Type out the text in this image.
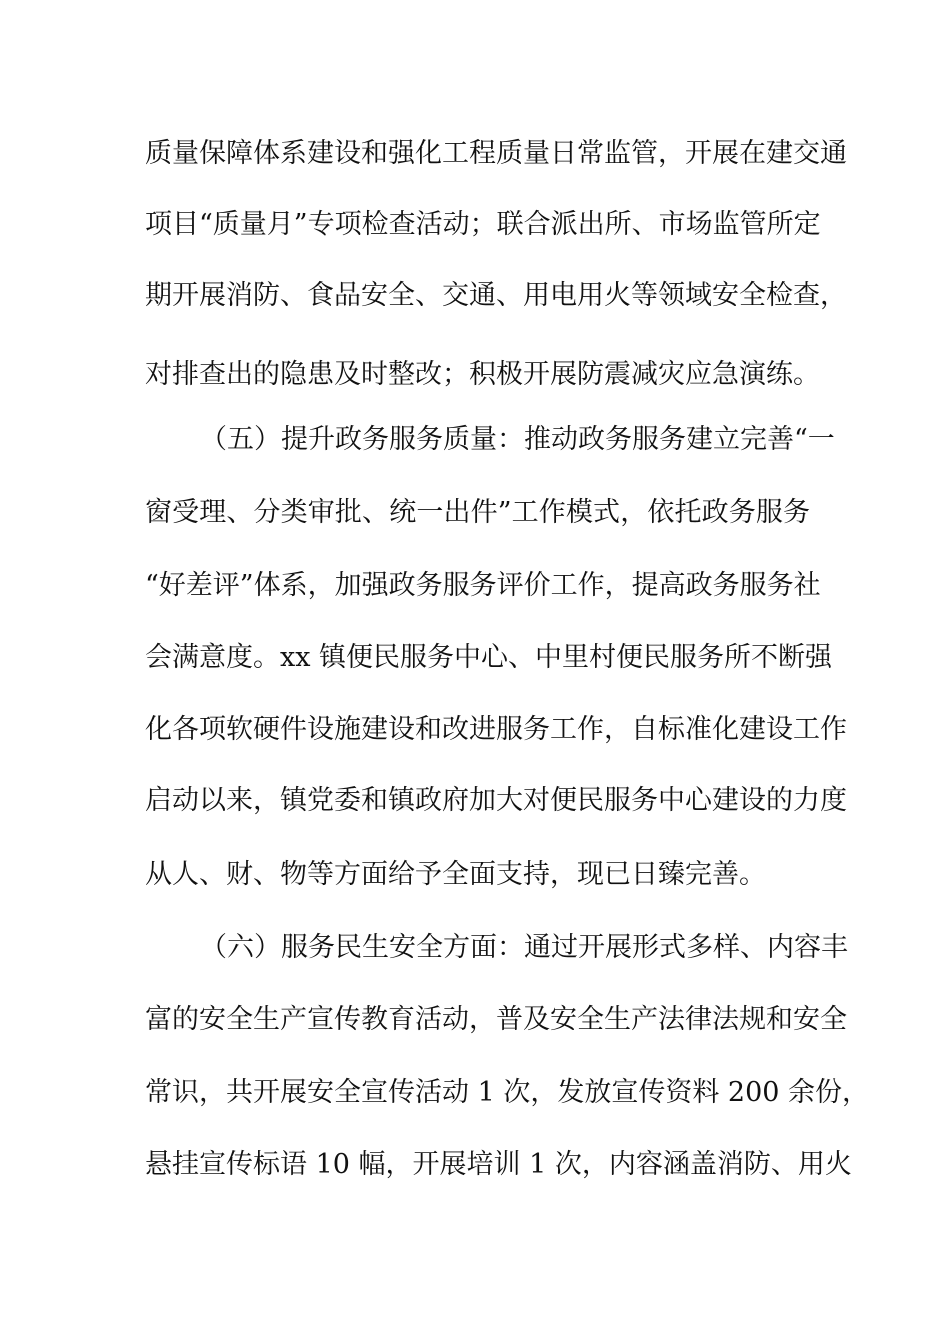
质量保障体系建设和强化工程质量日常监管，开展在建交通
项目“质量月”专项检查活动；联合派出所、市场监管所定
期开展消防、食品安全、交通、用电用火等领域安全检查，
对排查出的隐患及时整改；积极开展防震减灾应急演练。
（五）提升政务服务质量：推动政务服务建立完善“一
窗受理、分类审批、统一出件”工作模式，依托政务服务
“好差评”体系，加强政务服务评价工作，提高政务服务社
会满意度。xx 镇便民服务中心、中里村便民服务所不断强
化各项软硬件设施建设和改进服务工作，自标准化建设工作
启动以来，镇党委和镇政府加大对便民服务中心建设的力度
从人、财、物等方面给予全面支持，现已日臻完善。
（六）服务民生安全方面：通过开展形式多样、内容丰
富的安全生产宣传教育活动，普及安全生产法律法规和安全
常识，共开展安全宣传活动 1 次，发放宣传资料 200 余份，
悬挂宣传标语 10 幅，开展培训 1 次，内容涵盖消防、用火
